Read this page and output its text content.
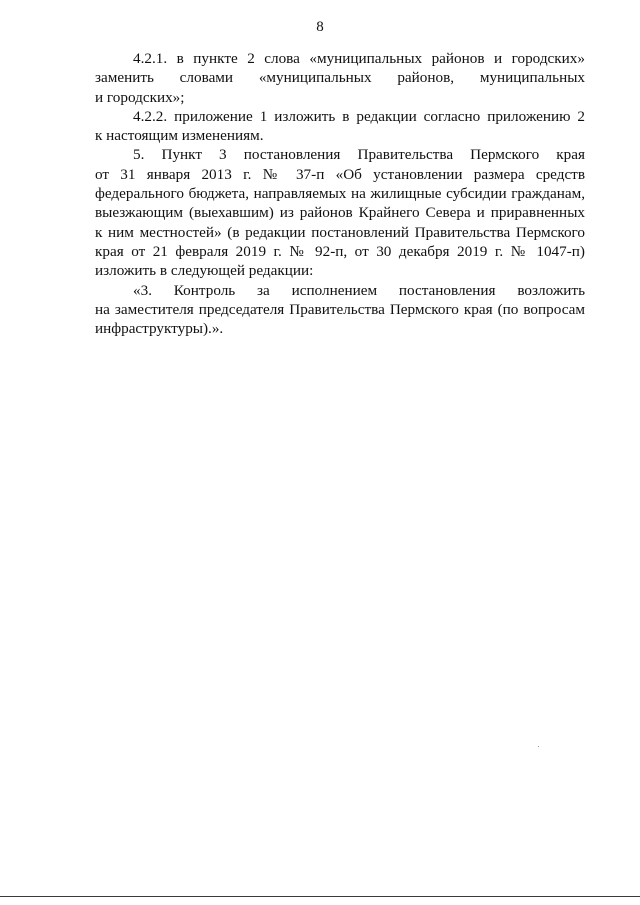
8
4.2.1. в пункте 2 слова «муниципальных районов и городских»
заменить словами «муниципальных районов, муниципальных
и городских»;
4.2.2. приложение 1 изложить в редакции согласно приложению 2
к настоящим изменениям.
5. Пункт 3 постановления Правительства Пермского края
от 31 января 2013 г. № 37-п «Об установлении размера средств
федерального бюджета, направляемых на жилищные субсидии гражданам,
выезжающим (выехавшим) из районов Крайнего Севера и приравненных
к ним местностей» (в редакции постановлений Правительства Пермского
края от 21 февраля 2019 г. № 92-п, от 30 декабря 2019 г. № 1047-п)
изложить в следующей редакции:
«3. Контроль за исполнением постановления возложить
на заместителя председателя Правительства Пермского края (по вопросам
инфраструктуры).».
